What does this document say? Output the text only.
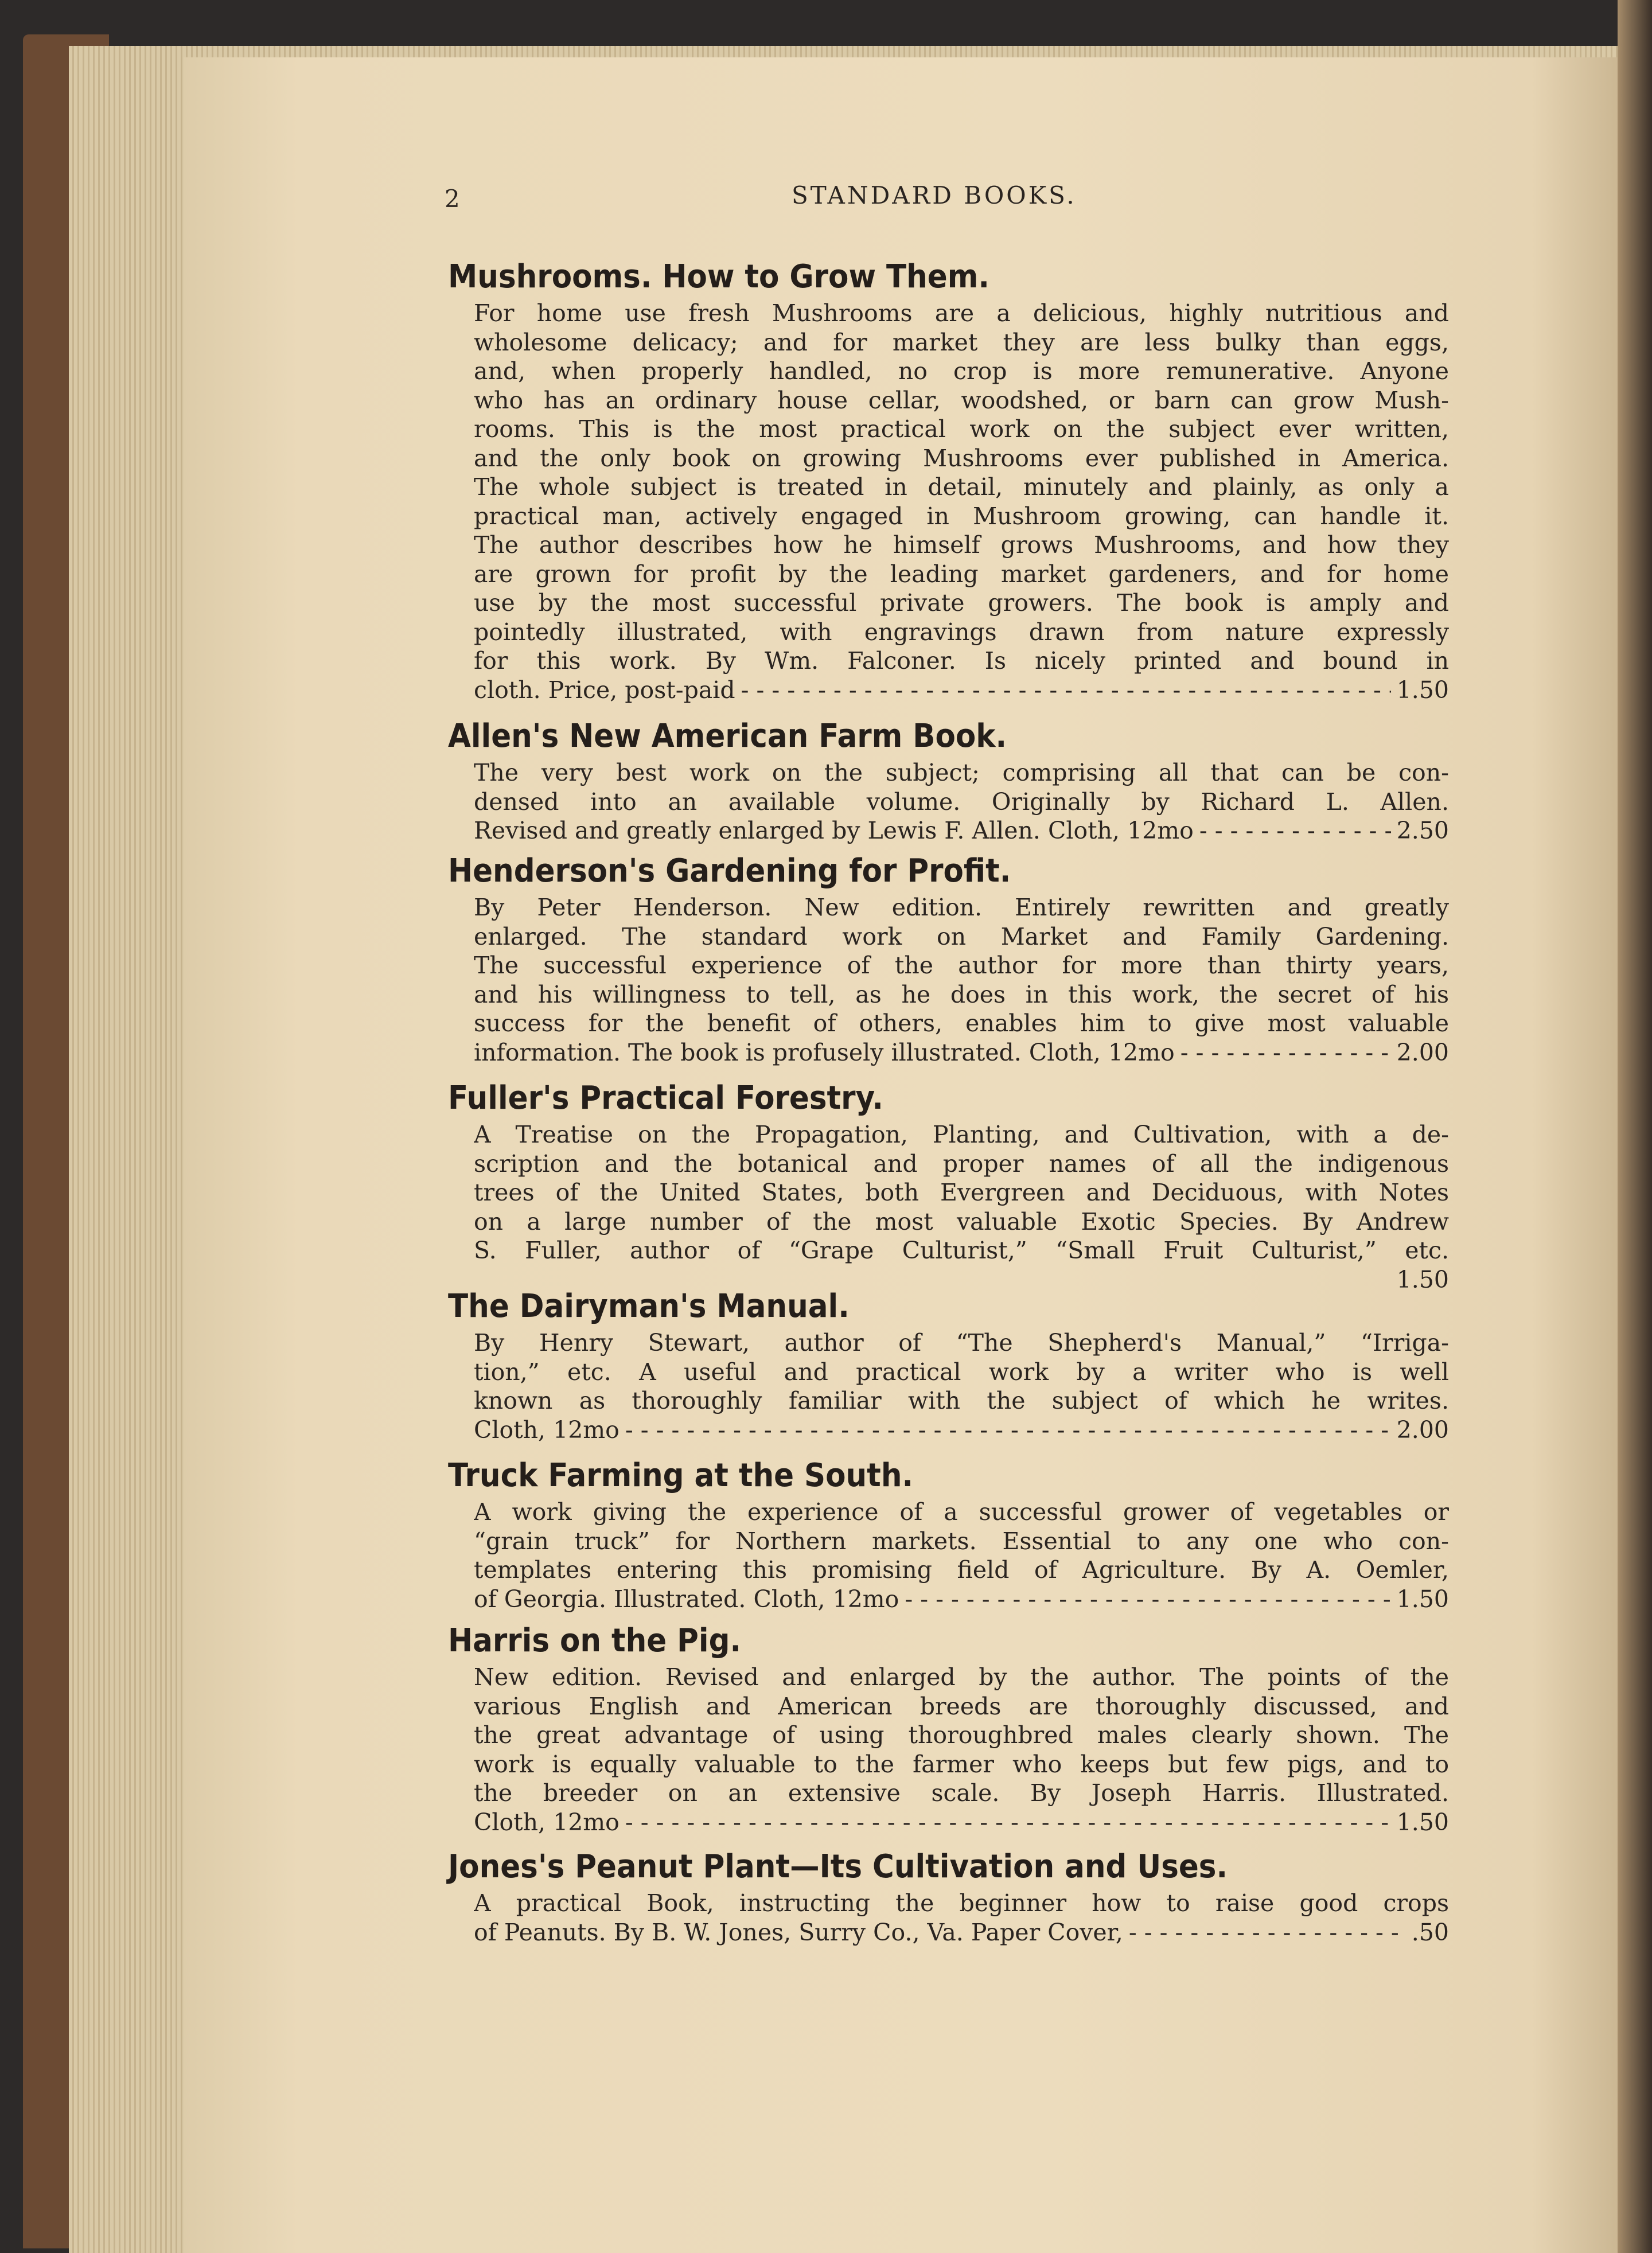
2	STANDARD BOOKS.
Mushrooms. How to Grow Them.
For home use fresh Mushrooms are a delicious, highly nutritious and
wholesome delicacy; and for market they are less bulky than eggs,
and, when properly handled, no crop is more remunerative. Anyone
who has an ordinary house cellar, woodshed, or barn can grow Mush-
rooms. This is the most practical work on the subject ever written,
and the only book on growing Mushrooms ever published in America.
The whole subject is treated in detail, minutely and plainly, as only a
practical man, actively engaged in Mushroom growing, can handle it.
The author describes how he himself grows Mushrooms, and how they
are grown for profit by the leading market gardeners, and for home
use by the most successful private growers. The book is amply and
pointedly illustrated, with engravings drawn from nature expressly
for this work. By Wm. Falconer. Is nicely printed and bound in
cloth. Price, post-paid - - -	1.50
Allen's New American Farm Book.
The very best work on the subject; comprising all that can be con-
densed into an available volume. Originally by Richard L. Allen.
Revised and greatly enlarged by Lewis F. Allen. Cloth, 12mo - - -	2.50
Henderson's Gardening for Profit.
By Peter Henderson. New edition. Entirely rewritten and greatly
enlarged. The standard work on Market and Family Gardening.
The successful experience of the author for more than thirty years,
and his willingness to tell, as he does in this work, the secret of his
success for the benefit of others, enables him to give most valuable
information. The book is profusely illustrated. Cloth, 12mo - - -	2.00
Fuller's Practical Forestry.
A Treatise on the Propagation, Planting, and Cultivation, with a de-
scription and the botanical and proper names of all the indigenous
trees of the United States, both Evergreen and Deciduous, with Notes
on a large number of the most valuable Exotic Species. By Andrew
S. Fuller, author of “Grape Culturist,” “Small Fruit Culturist,” etc.
1.50
The Dairyman's Manual.
By Henry Stewart, author of “The Shepherd's Manual,” “Irriga-
tion,” etc. A useful and practical work by a writer who is well
known as thoroughly familiar with the subject of which he writes.
Cloth, 12mo - - -	2.00
Truck Farming at the South.
A work giving the experience of a successful grower of vegetables or
“grain truck” for Northern markets. Essential to any one who con-
templates entering this promising field of Agriculture. By A. Oemler,
of Georgia. Illustrated. Cloth, 12mo - - -	1.50
Harris on the Pig.
New edition. Revised and enlarged by the author. The points of the
various English and American breeds are thoroughly discussed, and
the great advantage of using thoroughbred males clearly shown. The
work is equally valuable to the farmer who keeps but few pigs, and to
the breeder on an extensive scale. By Joseph Harris. Illustrated.
Cloth, 12mo - - -	1.50
Jones's Peanut Plant—Its Cultivation and Uses.
A practical Book, instructing the beginner how to raise good crops
of Peanuts. By B. W. Jones, Surry Co., Va. Paper Cover, - - -	.50
